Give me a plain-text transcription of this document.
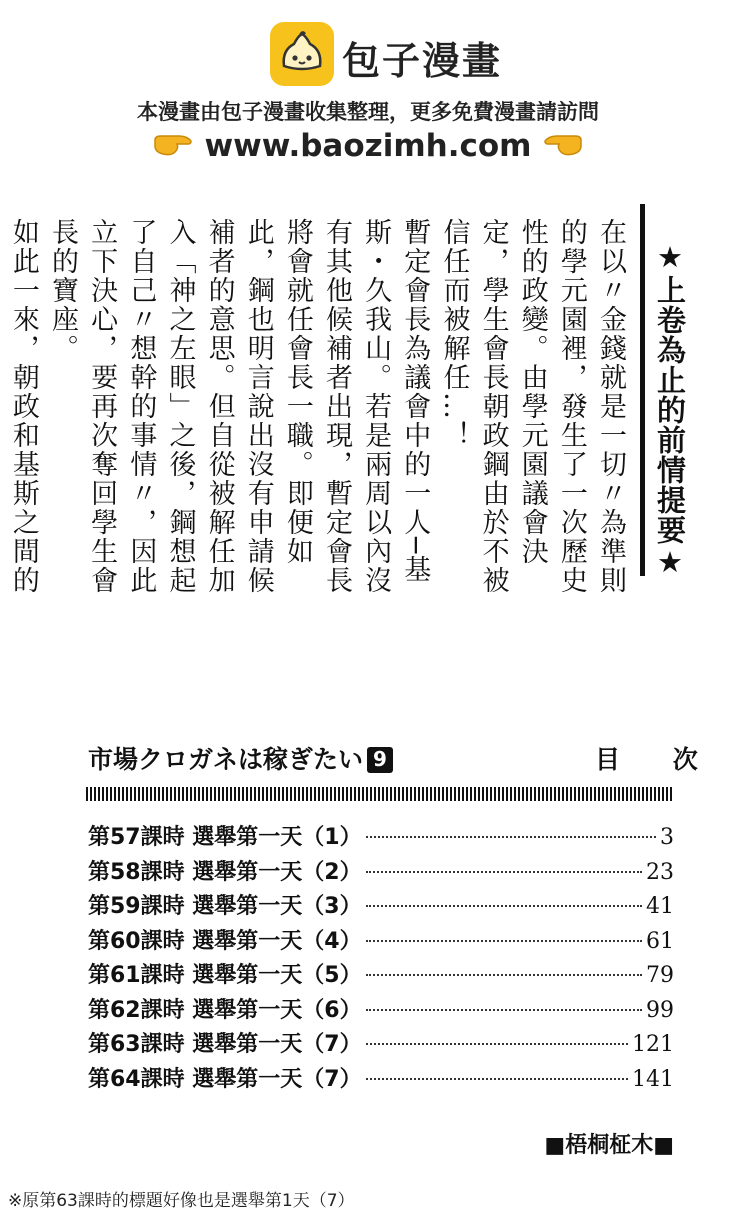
包子漫畫
本漫畫由包子漫畫收集整理，更多免費漫畫請訪問
www.baozimh.com
★上卷為止的前情提要★

在以〃金錢就是一切〃為準則的學元園裡，發生了一次歷史性的政變。由學元園議會決定，學生會長朝政鋼由於不被信任而被解任…！

暫定會長為議會中的一人─基斯・久我山。若是兩周以內沒有其他候補者出現，暫定會長將會就任會長一職。即便如此，鋼也明言說出沒有申請候補者的意思。但自從被解任加入「神之左眼」之後，鋼想起了自己〃想幹的事情〃，因此立下決心，要再次奪回學生會長的寶座。

如此一來，朝政和基斯之間的

市場クロガネは稼ぎたい 9	目 次
第57課時 選舉第一天（1）	3
第58課時 選舉第一天（2）	23
第59課時 選舉第一天（3）	41
第60課時 選舉第一天（4）	61
第61課時 選舉第一天（5）	79
第62課時 選舉第一天（6）	99
第63課時 選舉第一天（7）	121
第64課時 選舉第一天（7）	141
■梧桐柾木■
※原第63課時的標題好像也是選舉第1天（7）
